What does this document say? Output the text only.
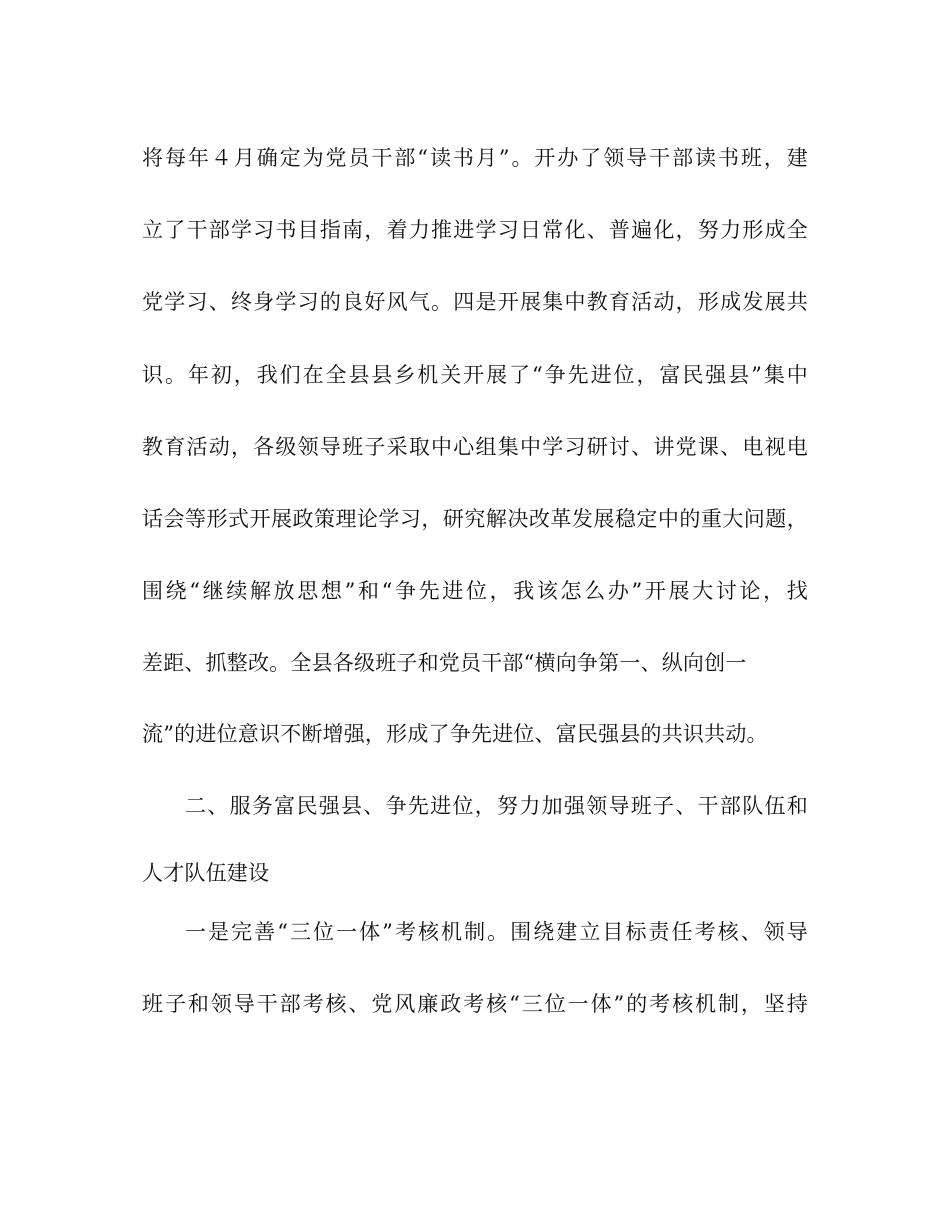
将每年４月确定为党员干部“读书月”。开办了领导干部读书班，建
立了干部学习书目指南，着力推进学习日常化、普遍化，努力形成全
党学习、终身学习的良好风气。四是开展集中教育活动，形成发展共
识。年初，我们在全县县乡机关开展了“争先进位，富民强县”集中
教育活动，各级领导班子采取中心组集中学习研讨、讲党课、电视电
话会等形式开展政策理论学习，研究解决改革发展稳定中的重大问题，
围绕“继续解放思想”和“争先进位，我该怎么办”开展大讨论，找
差距、抓整改。全县各级班子和党员干部“横向争第一、纵向创一
流”的进位意识不断增强，形成了争先进位、富民强县的共识共动。
二、服务富民强县、争先进位，努力加强领导班子、干部队伍和
人才队伍建设
一是完善“三位一体”考核机制。围绕建立目标责任考核、领导
班子和领导干部考核、党风廉政考核“三位一体”的考核机制，坚持
